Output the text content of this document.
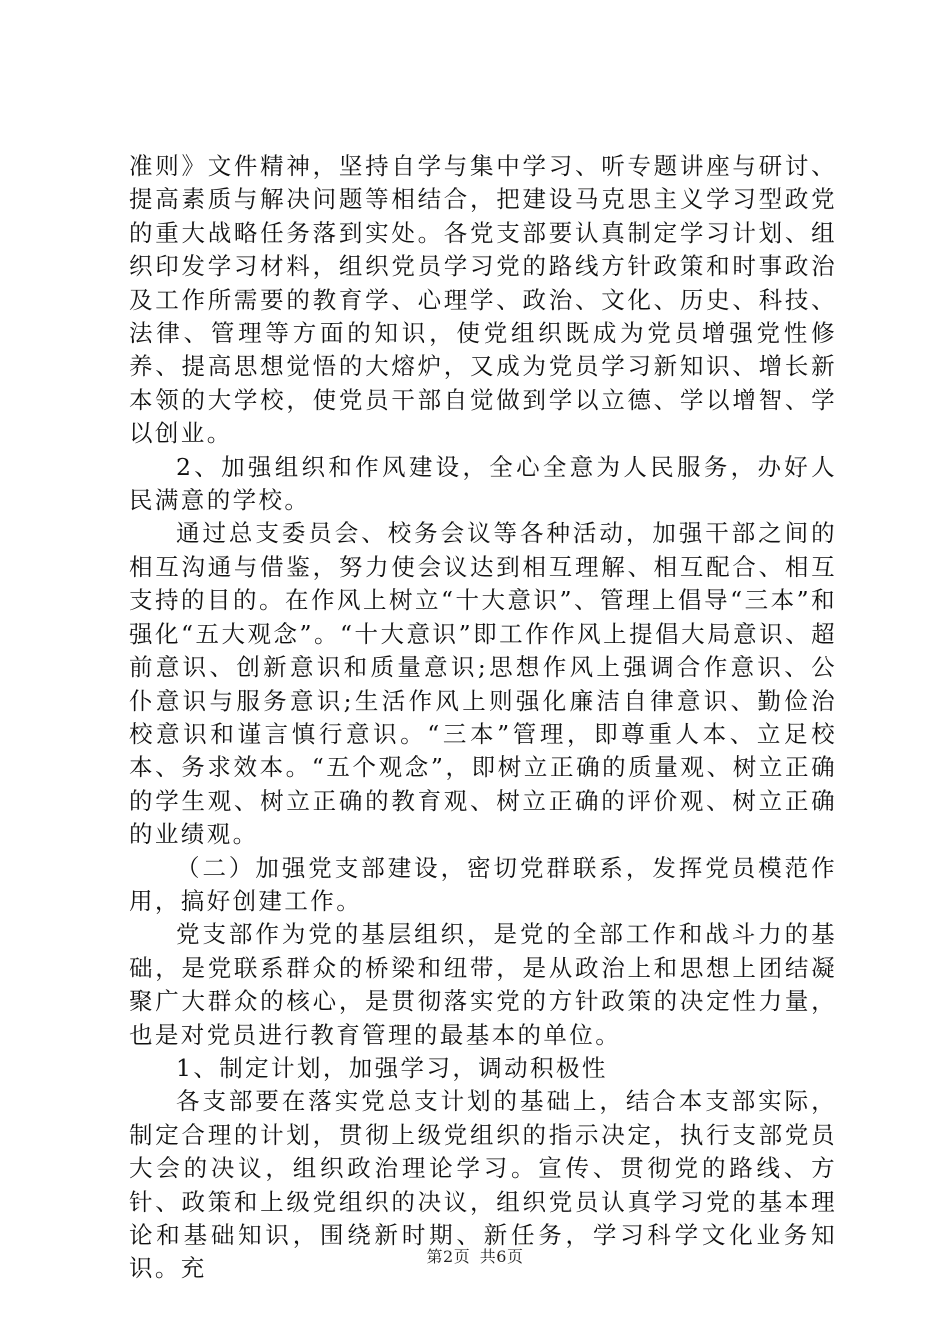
准则》文件精神，坚持自学与集中学习、听专题讲座与研讨、提高素质与解决问题等相结合，把建设马克思主义学习型政党的重大战略任务落到实处。各党支部要认真制定学习计划、组织印发学习材料，组织党员学习党的路线方针政策和时事政治及工作所需要的教育学、心理学、政治、文化、历史、科技、法律、管理等方面的知识，使党组织既成为党员增强党性修养、提高思想觉悟的大熔炉，又成为党员学习新知识、增长新本领的大学校，使党员干部自觉做到学以立德、学以增智、学以创业。

2、加强组织和作风建设，全心全意为人民服务，办好人民满意的学校。

通过总支委员会、校务会议等各种活动，加强干部之间的相互沟通与借鉴，努力使会议达到相互理解、相互配合、相互支持的目的。在作风上树立“十大意识”、管理上倡导“三本”和强化“五大观念”。“十大意识”即工作作风上提倡大局意识、超前意识、创新意识和质量意识;思想作风上强调合作意识、公仆意识与服务意识;生活作风上则强化廉洁自律意识、勤俭治校意识和谨言慎行意识。“三本”管理，即尊重人本、立足校本、务求效本。“五个观念”，即树立正确的质量观、树立正确的学生观、树立正确的教育观、树立正确的评价观、树立正确的业绩观。

（二）加强党支部建设，密切党群联系，发挥党员模范作用，搞好创建工作。

党支部作为党的基层组织，是党的全部工作和战斗力的基础，是党联系群众的桥梁和纽带，是从政治上和思想上团结凝聚广大群众的核心，是贯彻落实党的方针政策的决定性力量，也是对党员进行教育管理的最基本的单位。

1、制定计划，加强学习，调动积极性

各支部要在落实党总支计划的基础上，结合本支部实际，制定合理的计划，贯彻上级党组织的指示决定，执行支部党员大会的决议，组织政治理论学习。宣传、贯彻党的路线、方针、政策和上级党组织的决议，组织党员认真学习党的基本理论和基础知识，围绕新时期、新任务，学习科学文化业务知识。充	第2页 共6页
